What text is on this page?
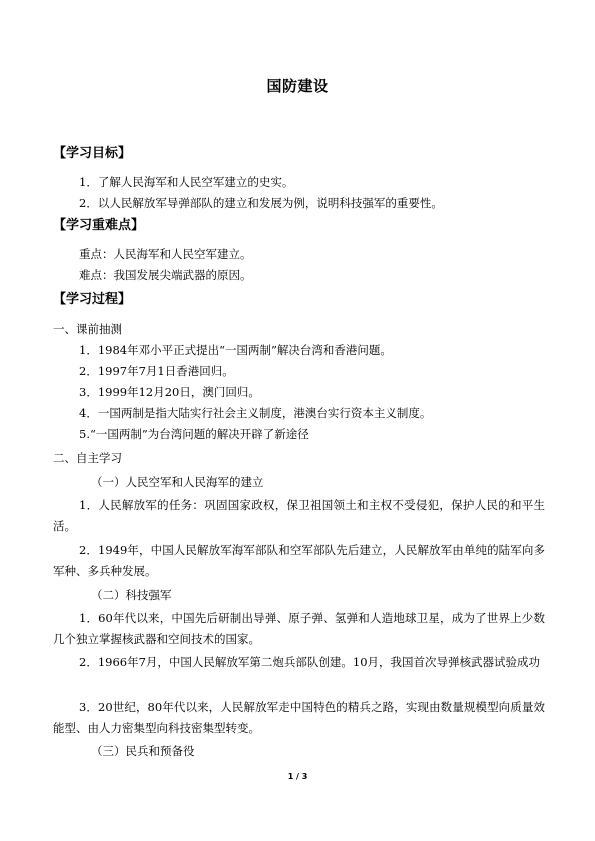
国防建设
【学习目标】
1．了解人民海军和人民空军建立的史实。
2．以人民解放军导弹部队的建立和发展为例，说明科技强军的重要性。
【学习重难点】
重点：人民海军和人民空军建立。
难点：我国发展尖端武器的原因。
【学习过程】
一、课前抽测
1．1984年邓小平正式提出“一国两制”解决台湾和香港问题。
2．1997年7月1日香港回归。
3．1999年12月20日，澳门回归。
4．一国两制是指大陆实行社会主义制度，港澳台实行资本主义制度。
5.“一国两制”为台湾问题的解决开辟了新途径
二、自主学习
（一）人民空军和人民海军的建立
1．人民解放军的任务：巩固国家政权，保卫祖国领土和主权不受侵犯，保护人民的和平生活。
2．1949年，中国人民解放军海军部队和空军部队先后建立，人民解放军由单纯的陆军向多军种、多兵种发展。
（二）科技强军
1．60年代以来，中国先后研制出导弹、原子弹、氢弹和人造地球卫星，成为了世界上少数几个独立掌握核武器和空间技术的国家。
2．1966年7月，中国人民解放军第二炮兵部队创建。10月，我国首次导弹核武器试验成功
3．20世纪，80年代以来，人民解放军走中国特色的精兵之路，实现由数量规模型向质量效能型、由人力密集型向科技密集型转变。
（三）民兵和预备役
1 / 3
